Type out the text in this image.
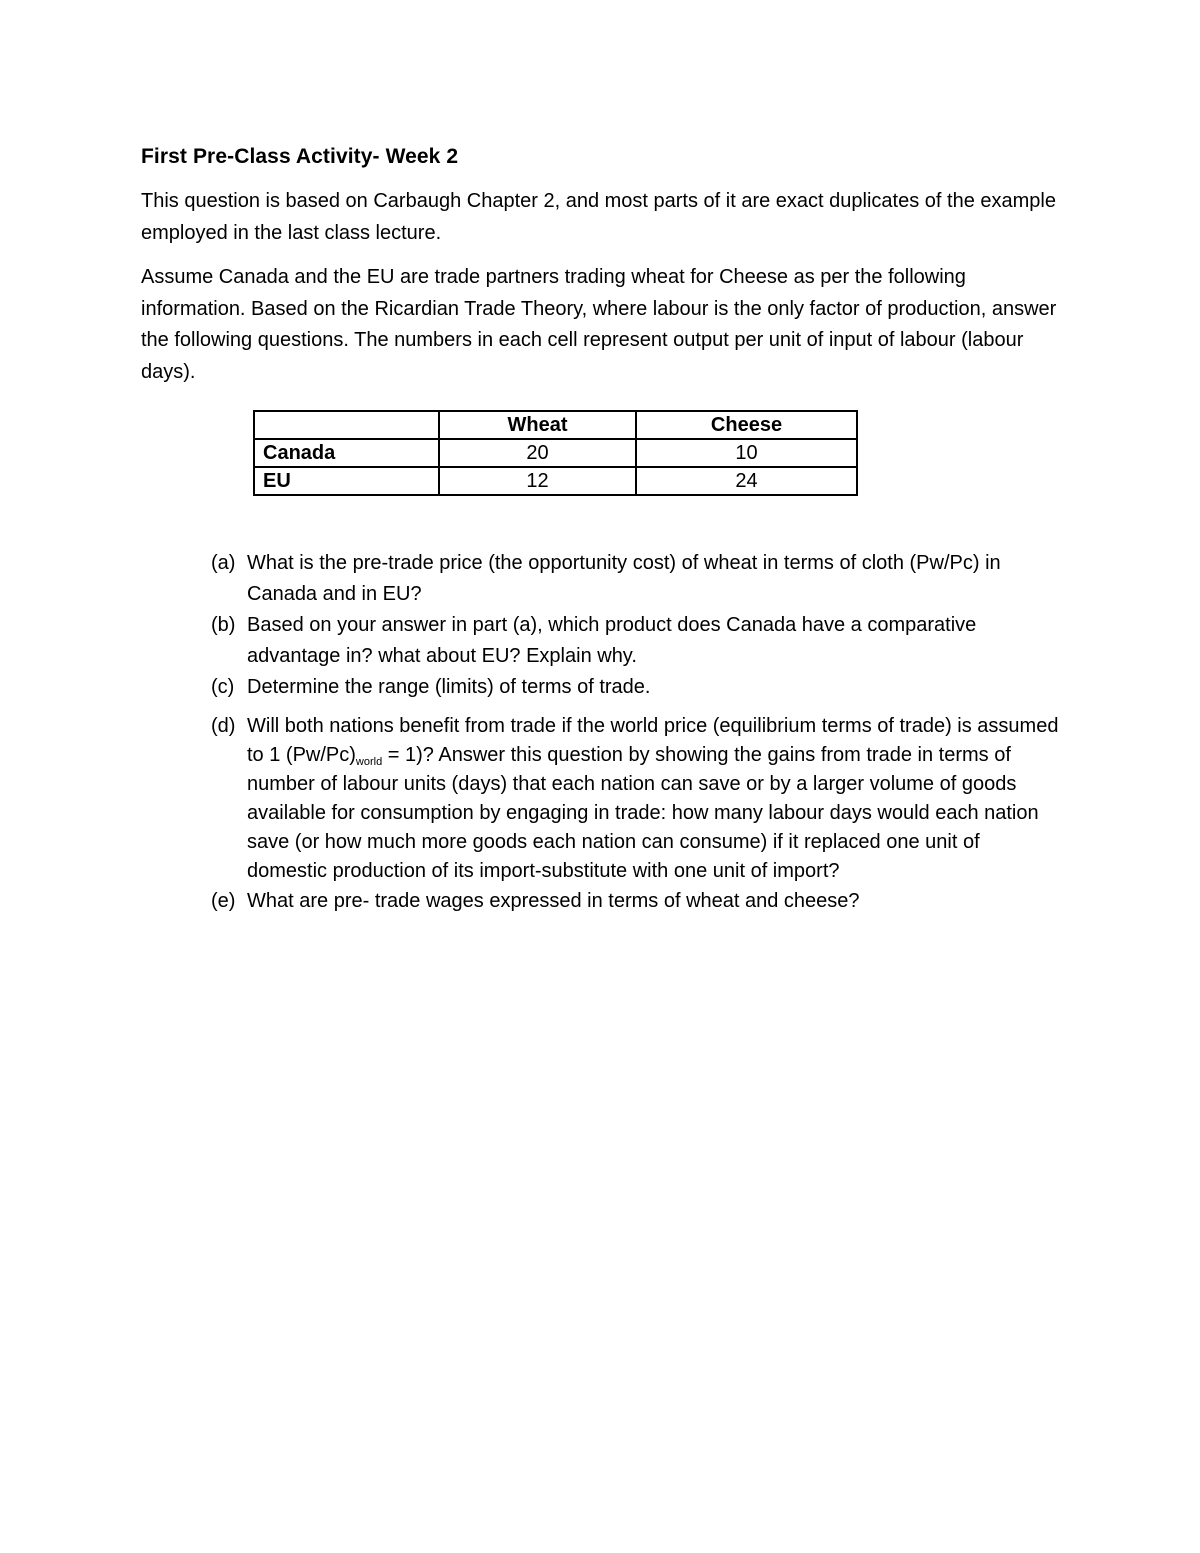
First Pre-Class Activity- Week 2

This question is based on Carbaugh Chapter 2, and most parts of it are exact duplicates of the example employed in the last class lecture.

Assume Canada and the EU are trade partners trading wheat for Cheese as per the following information. Based on the Ricardian Trade Theory, where labour is the only factor of production, answer the following questions. The numbers in each cell represent output per unit of input of labour (labour days).

	Wheat	Cheese
Canada	20	10
EU	12	24
(a) What is the pre-trade price (the opportunity cost) of wheat in terms of cloth (Pw/Pc) in Canada and in EU?
(b) Based on your answer in part (a), which product does Canada have a comparative advantage in? what about EU? Explain why.
(c) Determine the range (limits) of terms of trade.
(d) Will both nations benefit from trade if the world price (equilibrium terms of trade) is assumed to 1 $(Pw/Pc)_{world} = 1$)? Answer this question by showing the gains from trade in terms of number of labour units (days) that each nation can save or by a larger volume of goods available for consumption by engaging in trade: how many labour days would each nation save (or how much more goods each nation can consume) if it replaced one unit of domestic production of its import-substitute with one unit of import?
(e) What are pre- trade wages expressed in terms of wheat and cheese?
